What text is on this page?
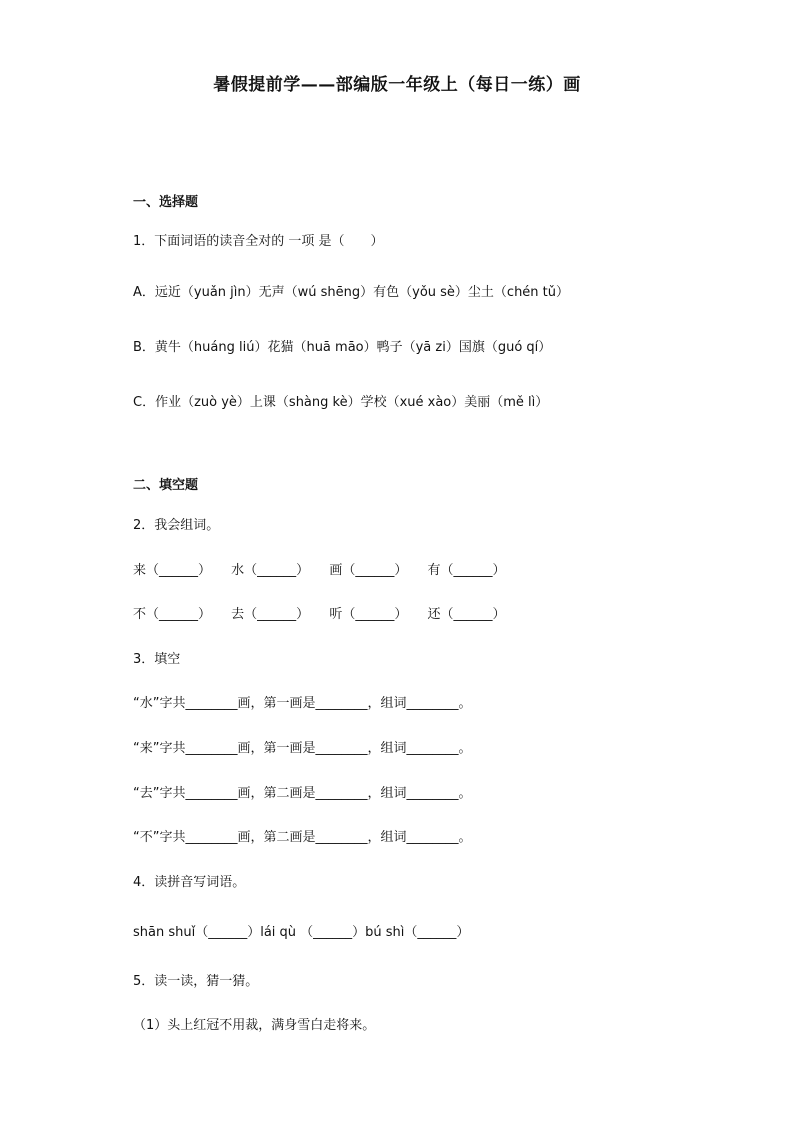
暑假提前学——部编版一年级上（每日一练）画
一、选择题
1．下面词语的读音全对的 一项 是（　　）
A．远近（yuǎn jìn）无声（wú shēng）有色（yǒu sè）尘土（chén tǔ）
B．黄牛（huáng liú）花猫（huā māo）鸭子（yā zi）国旗（guó qí）
C．作业（zuò yè）上课（shàng kè）学校（xué xào）美丽（mě lì）
二、填空题
2．我会组词。
来（______） 水（______） 画（______） 有（______）
不（______） 去（______） 听（______） 还（______）
3．填空
“水”字共________画，第一画是________，组词________。
“来”字共________画，第一画是________，组词________。
“去”字共________画，第二画是________，组词________。
“不”字共________画，第二画是________，组词________。
4．读拼音写词语。
shān shuǐ（______）lái qù （______）bú shì（______）
5．读一读，猜一猜。
（1）头上红冠不用裁，满身雪白走将来。
